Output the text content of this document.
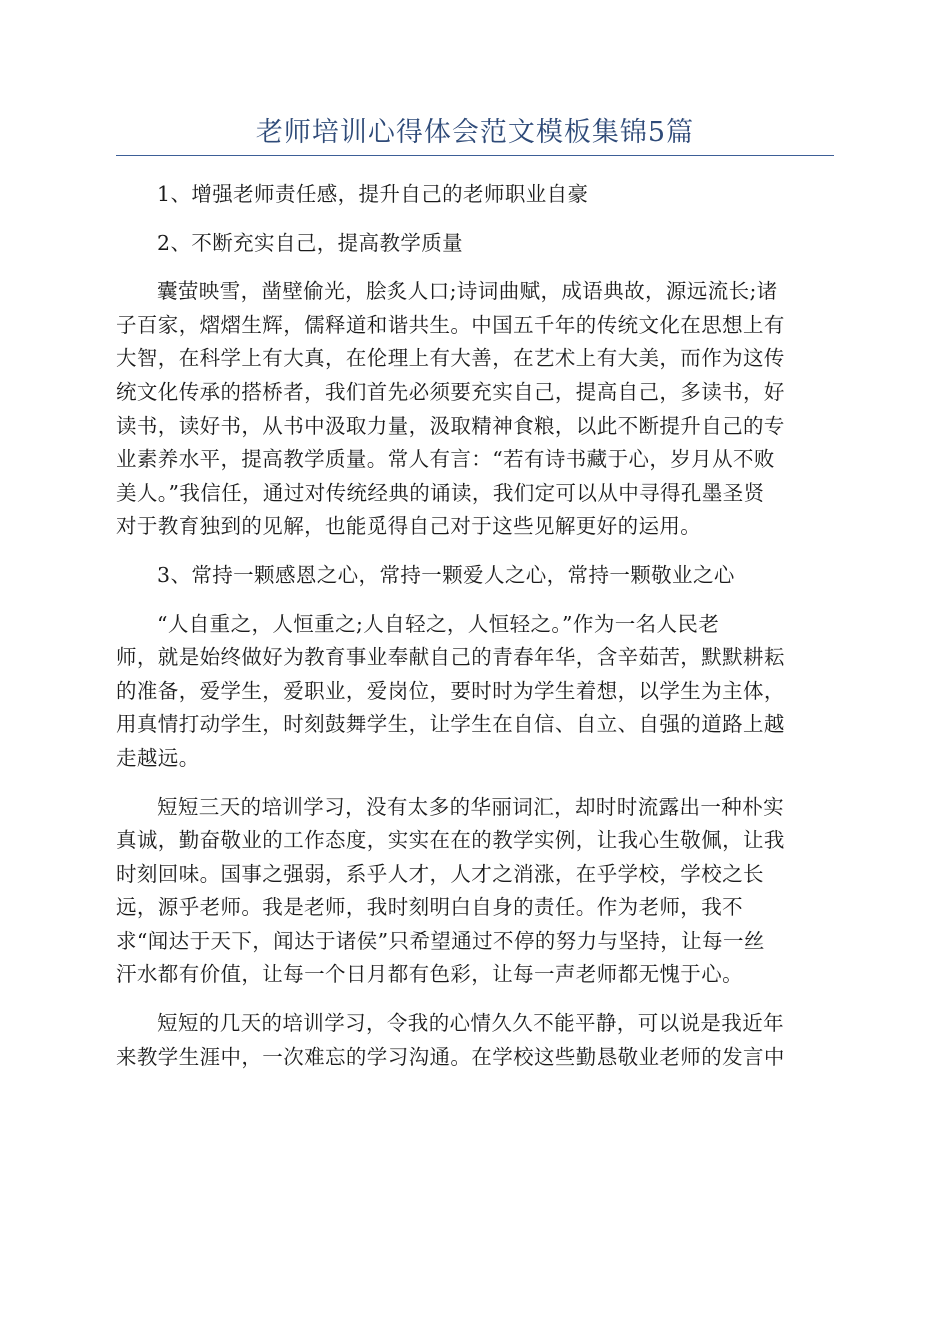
老师培训心得体会范文模板集锦5篇

1、增强老师责任感，提升自己的老师职业自豪

2、不断充实自己，提高教学质量

囊萤映雪，凿壁偷光，脍炙人口;诗词曲赋，成语典故，源远流长;诸
子百家，熠熠生辉，儒释道和谐共生。中国五千年的传统文化在思想上有
大智，在科学上有大真，在伦理上有大善，在艺术上有大美，而作为这传
统文化传承的搭桥者，我们首先必须要充实自己，提高自己，多读书，好
读书，读好书，从书中汲取力量，汲取精神食粮，以此不断提升自己的专
业素养水平，提高教学质量。常人有言：“若有诗书藏于心，岁月从不败
美人。”我信任，通过对传统经典的诵读，我们定可以从中寻得孔墨圣贤
对于教育独到的见解，也能觅得自己对于这些见解更好的运用。

3、常持一颗感恩之心，常持一颗爱人之心，常持一颗敬业之心

“人自重之，人恒重之;人自轻之，人恒轻之。”作为一名人民老
师，就是始终做好为教育事业奉献自己的青春年华，含辛茹苦，默默耕耘
的准备，爱学生，爱职业，爱岗位，要时时为学生着想，以学生为主体，
用真情打动学生，时刻鼓舞学生，让学生在自信、自立、自强的道路上越
走越远。

短短三天的培训学习，没有太多的华丽词汇，却时时流露出一种朴实
真诚，勤奋敬业的工作态度，实实在在的教学实例，让我心生敬佩，让我
时刻回味。国事之强弱，系乎人才，人才之消涨，在乎学校，学校之长
远，源乎老师。我是老师，我时刻明白自身的责任。作为老师，我不
求“闻达于天下，闻达于诸侯”只希望通过不停的努力与坚持，让每一丝
汗水都有价值，让每一个日月都有色彩，让每一声老师都无愧于心。

短短的几天的培训学习，令我的心情久久不能平静，可以说是我近年
来教学生涯中，一次难忘的学习沟通。在学校这些勤恳敬业老师的发言中
